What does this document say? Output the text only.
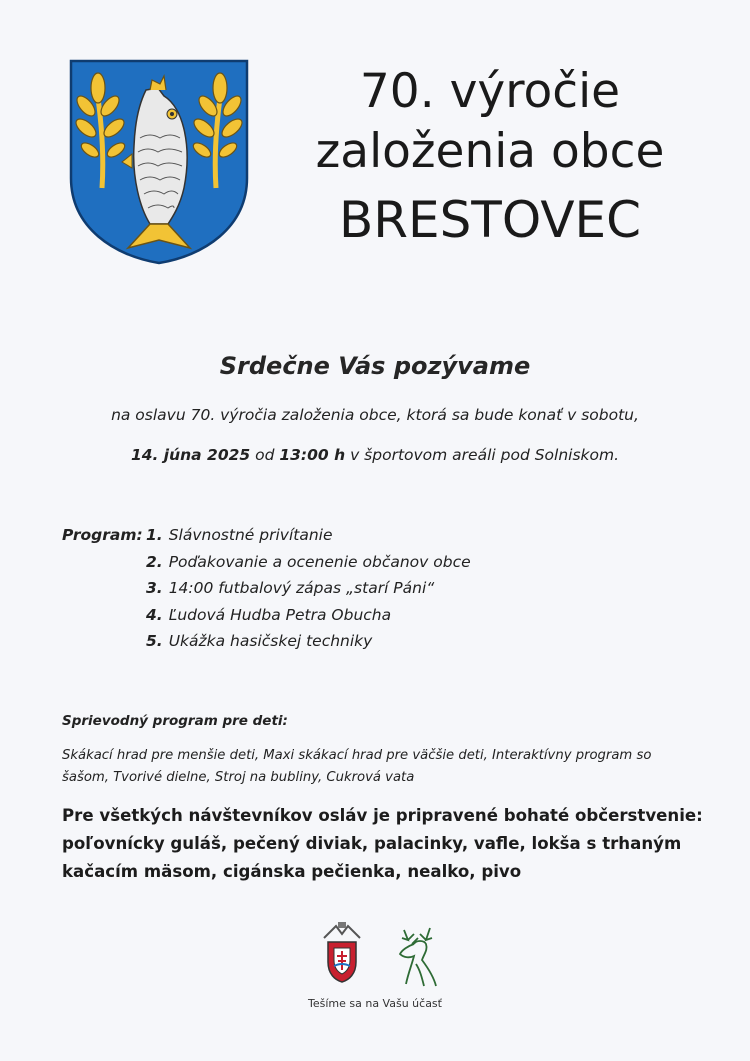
70. výročie
založenia obce
BRESTOVEC
Srdečne Vás pozývame
na oslavu 70. výročia založenia obce, ktorá sa bude konať v sobotu,
14. júna 2025 od 13:00 h v športovom areáli pod Solniskom.
Program: 1. Slávnostné privítanie
2. Poďakovanie a ocenenie občanov obce
3. 14:00 futbalový zápas „starí Páni“
4. Ľudová Hudba Petra Obucha
5. Ukážka hasičskej techniky
Sprievodný program pre deti:
Skákací hrad pre menšie deti, Maxi skákací hrad pre väčšie deti, Interaktívny program so šašom, Tvorivé dielne, Stroj na bubliny, Cukrová vata
Pre všetkých návštevníkov osláv je pripravené bohaté občerstvenie: poľovnícky guláš, pečený diviak, palacinky, vafle, lokša s trhaným kačacím mäsom, cigánska pečienka, nealko, pivo
Tešíme sa na Vašu účasť
